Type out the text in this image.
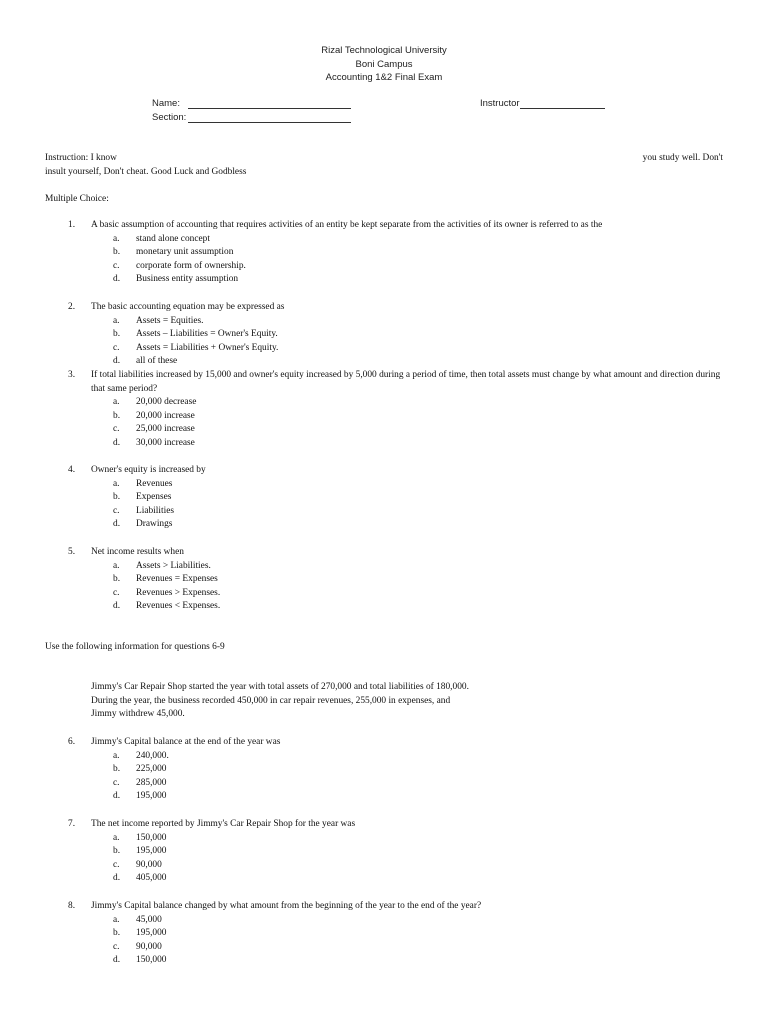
Rizal Technological University
Boni Campus
Accounting 1&2 Final Exam
Name:
Section:
Instructor
Instruction: I know	you study well. Don't
insult yourself, Don't cheat. Good Luck and Godbless
Multiple Choice:
1. A basic assumption of accounting that requires activities of an entity be kept separate from the activities of its owner is referred to as the
a. stand alone concept
b. monetary unit assumption
c. corporate form of ownership.
d. Business entity assumption
2. The basic accounting equation may be expressed as
a. Assets = Equities.
b. Assets – Liabilities = Owner's Equity.
c. Assets = Liabilities + Owner's Equity.
d. all of these
3. If total liabilities increased by 15,000 and owner's equity increased by 5,000 during a period of time, then total assets must change by what amount and direction during that same period?
a. 20,000 decrease
b. 20,000 increase
c. 25,000 increase
d. 30,000 increase
4. Owner's equity is increased by
a. Revenues
b. Expenses
c. Liabilities
d. Drawings
5. Net income results when
a. Assets > Liabilities.
b. Revenues = Expenses
c. Revenues > Expenses.
d. Revenues < Expenses.
Use the following information for questions 6-9
Jimmy's Car Repair Shop started the year with total assets of 270,000 and total liabilities of 180,000. During the year, the business recorded 450,000 in car repair revenues, 255,000 in expenses, and Jimmy withdrew 45,000.
6. Jimmy's Capital balance at the end of the year was
a. 240,000.
b. 225,000
c. 285,000
d. 195,000
7. The net income reported by Jimmy's Car Repair Shop for the year was
a. 150,000
b. 195,000
c. 90,000
d. 405,000
8. Jimmy's Capital balance changed by what amount from the beginning of the year to the end of the year?
a. 45,000
b. 195,000
c. 90,000
d. 150,000
